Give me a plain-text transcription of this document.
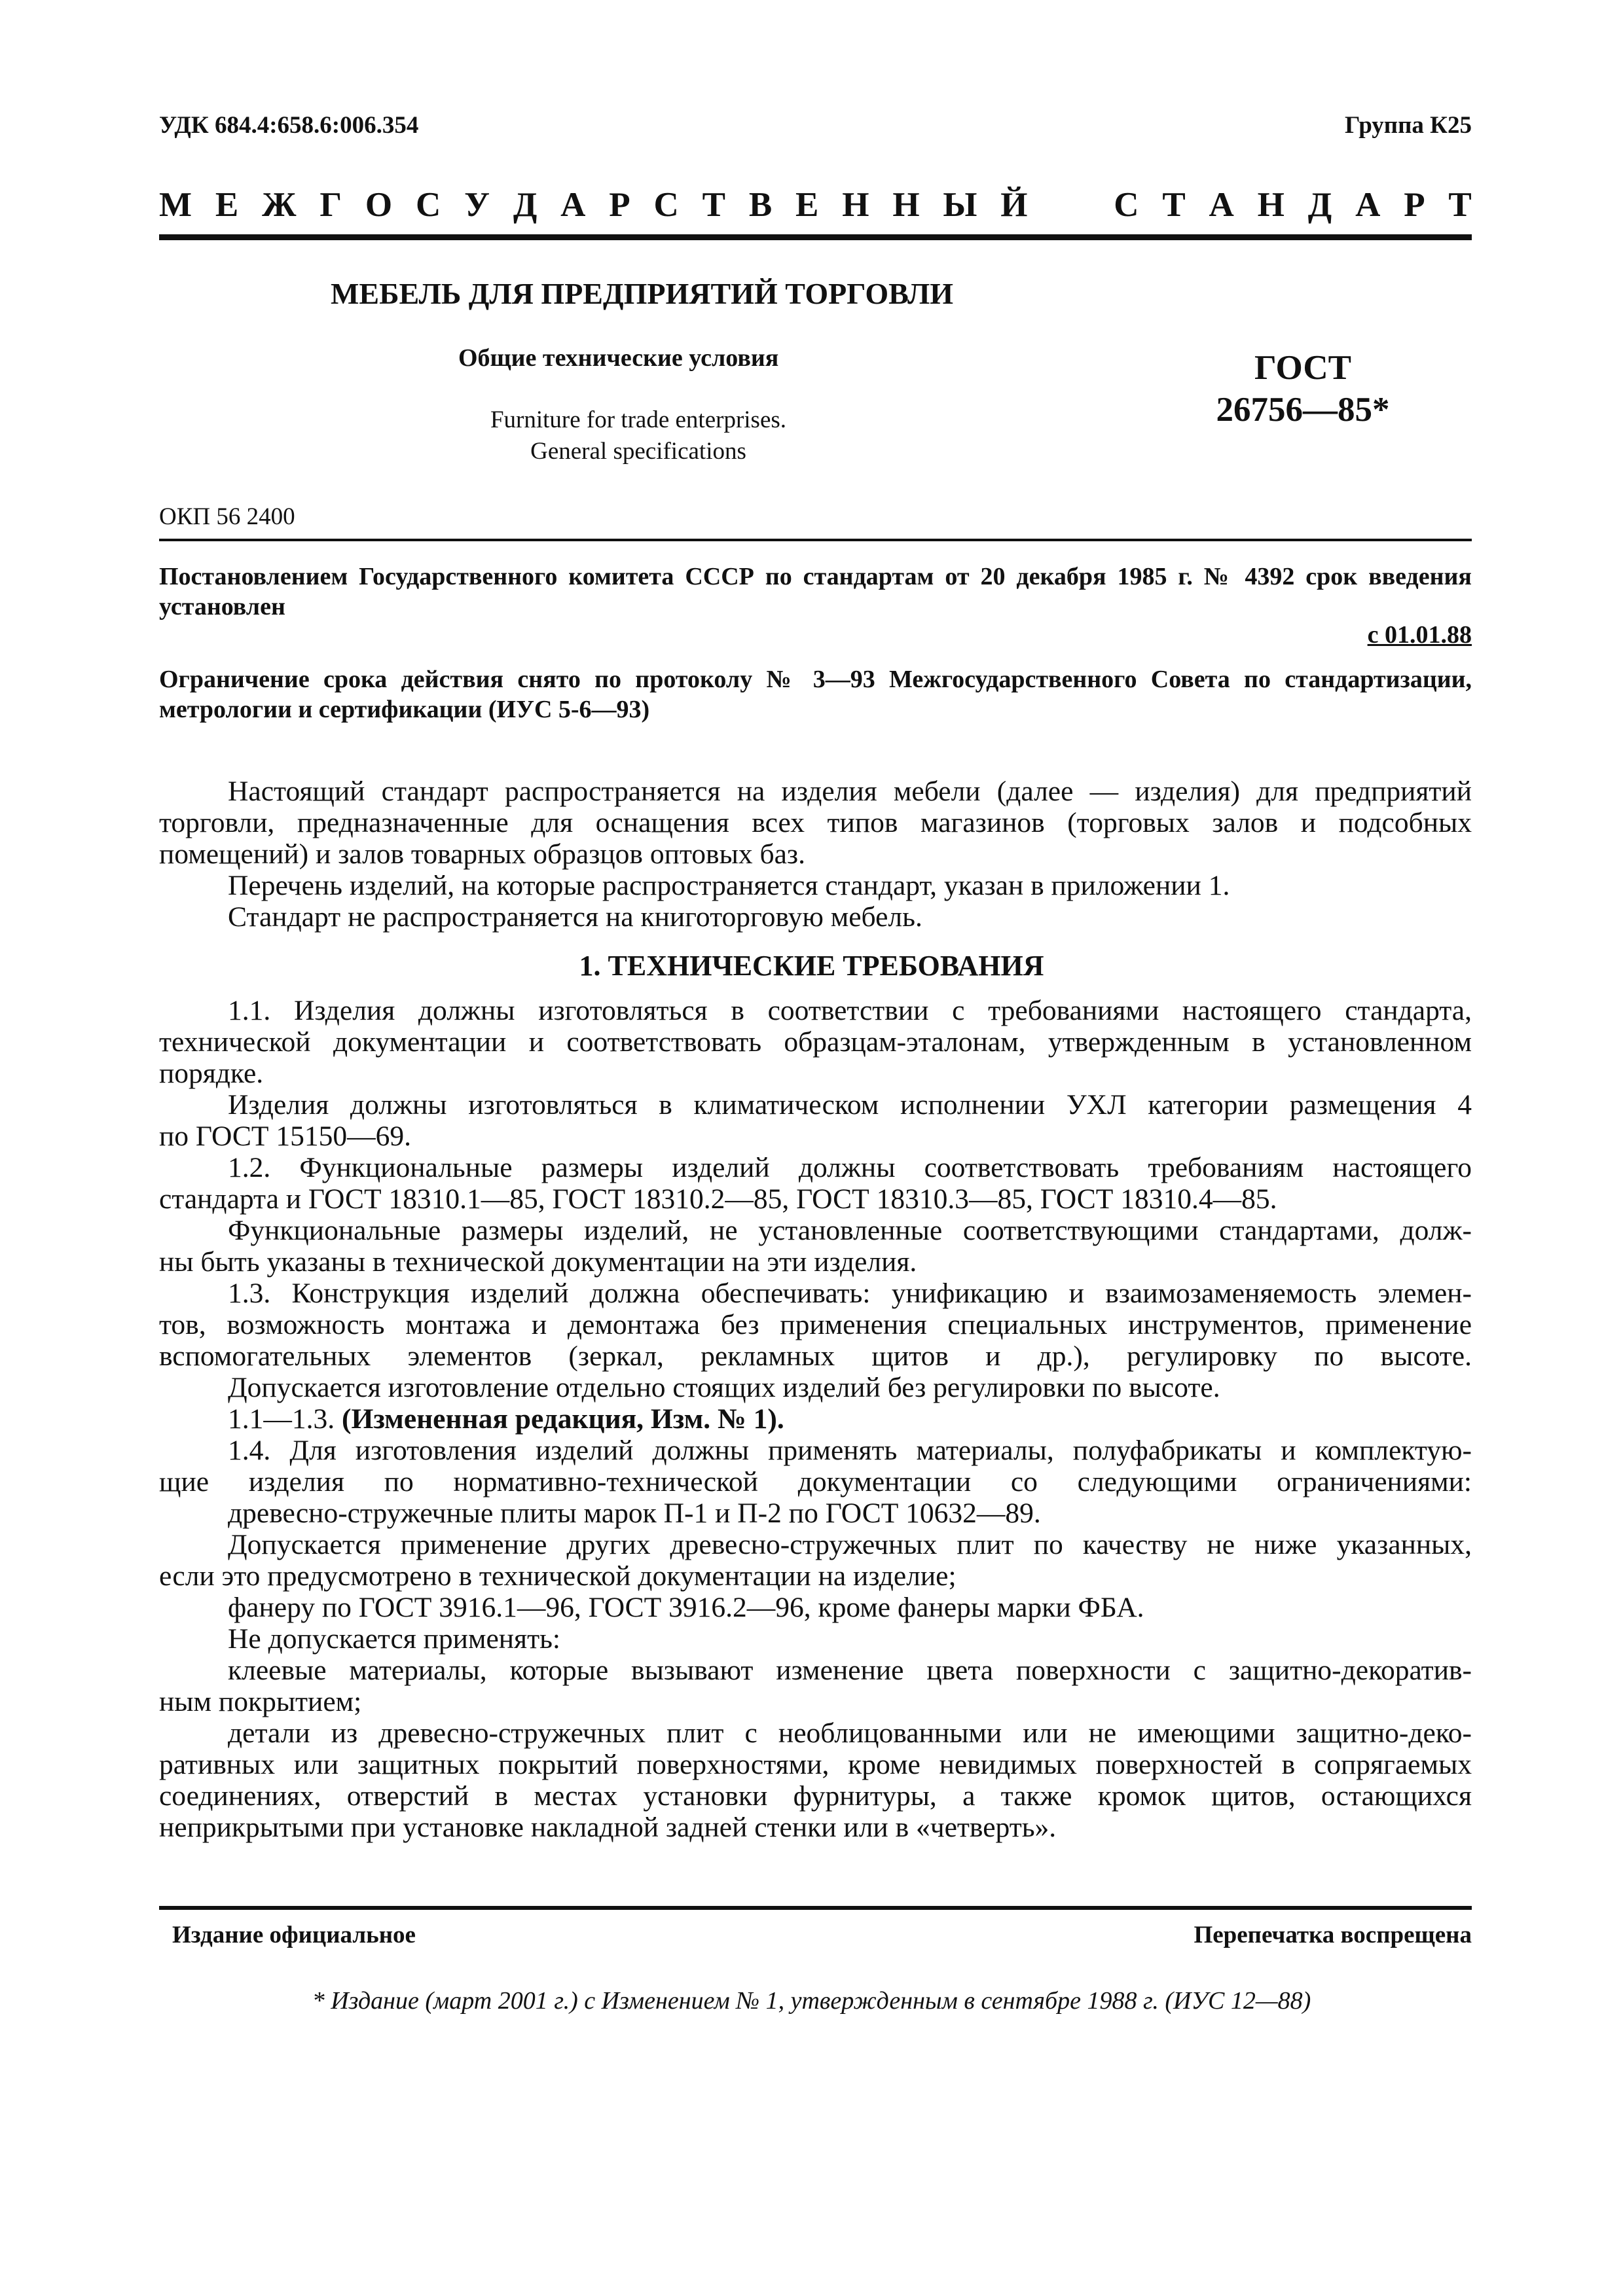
УДК 684.4:658.6:006.354	Группа К25
М Е Ж Г О С У Д А Р С Т В Е Н Н Ы Й С Т А Н Д А Р Т
МЕБЕЛЬ ДЛЯ ПРЕДПРИЯТИЙ ТОРГОВЛИ
Общие технические условия
Furniture for trade enterprises.
General specifications
ГОСТ
26756—85*
ОКП 56 2400
Постановлением Государственного комитета СССР по стандартам от 20 декабря 1985 г. № 4392 срок введения
установлен
с 01.01.88
Ограничение срока действия снято по протоколу № 3—93 Межгосударственного Совета по стандартизации,
метрологии и сертификации (ИУС 5-6—93)
Настоящий стандарт распространяется на изделия мебели (далее — изделия) для предприятий
торговли, предназначенные для оснащения всех типов магазинов (торговых залов и подсобных
помещений) и залов товарных образцов оптовых баз.
Перечень изделий, на которые распространяется стандарт, указан в приложении 1.
Стандарт не распространяется на книготорговую мебель.
1. ТЕХНИЧЕСКИЕ ТРЕБОВАНИЯ
1.1. Изделия должны изготовляться в соответствии с требованиями настоящего стандарта,
технической документации и соответствовать образцам-эталонам, утвержденным в установленном
порядке.
Изделия должны изготовляться в климатическом исполнении УХЛ категории размещения 4
по ГОСТ 15150—69.
1.2. Функциональные размеры изделий должны соответствовать требованиям настоящего
стандарта и ГОСТ 18310.1—85, ГОСТ 18310.2—85, ГОСТ 18310.3—85, ГОСТ 18310.4—85.
Функциональные размеры изделий, не установленные соответствующими стандартами, долж-
ны быть указаны в технической документации на эти изделия.
1.3. Конструкция изделий должна обеспечивать: унификацию и взаимозаменяемость элемен-
тов, возможность монтажа и демонтажа без применения специальных инструментов, применение
вспомогательных элементов (зеркал, рекламных щитов и др.), регулировку по высоте.
Допускается изготовление отдельно стоящих изделий без регулировки по высоте.
1.1—1.3. (Измененная редакция, Изм. № 1).
1.4. Для изготовления изделий должны применять материалы, полуфабрикаты и комплектую-
щие изделия по нормативно-технической документации со следующими ограничениями:
древесно-стружечные плиты марок П-1 и П-2 по ГОСТ 10632—89.
Допускается применение других древесно-стружечных плит по качеству не ниже указанных,
если это предусмотрено в технической документации на изделие;
фанеру по ГОСТ 3916.1—96, ГОСТ 3916.2—96, кроме фанеры марки ФБА.
Не допускается применять:
клеевые материалы, которые вызывают изменение цвета поверхности с защитно-декоратив-
ным покрытием;
детали из древесно-стружечных плит с необлицованными или не имеющими защитно-деко-
ративных или защитных покрытий поверхностями, кроме невидимых поверхностей в сопрягаемых
соединениях, отверстий в местах установки фурнитуры, а также кромок щитов, остающихся
неприкрытыми при установке накладной задней стенки или в «четверть».
Издание официальное	Перепечатка воспрещена
* Издание (март 2001 г.) с Изменением № 1, утвержденным в сентябре 1988 г. (ИУС 12—88)
